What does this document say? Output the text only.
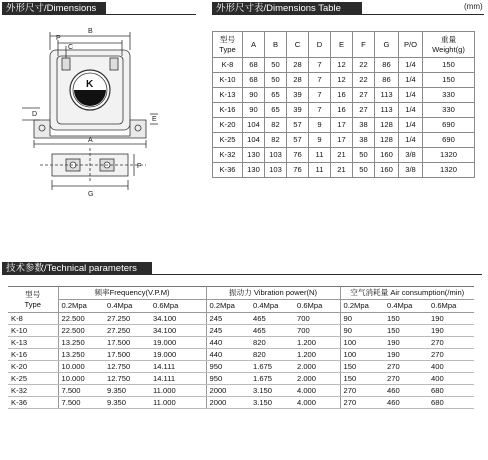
外形尺寸/Dimensions	外形尺寸表/Dimensions Table	(mm)
P
C
B
D
E
A
F
G
K
型号
Type	A	B	C	D	E	F	G	P/O	重量
Weight(g)
K-8	68	50	28	7	12	22	86	1/4	150
K-10	68	50	28	7	12	22	86	1/4	150
K-13	90	65	39	7	16	27	113	1/4	330
K-16	90	65	39	7	16	27	113	1/4	330
K-20	104	82	57	9	17	38	128	1/4	690
K-25	104	82	57	9	17	38	128	1/4	690
K-32	130	103	76	11	21	50	160	3/8	1320
K-36	130	103	76	11	21	50	160	3/8	1320
技术参数/Technical parameters
型号
Type	频率Frequency(V.P.M)			振动力 Vibration power(N)			空气消耗量 Air consumption(/min)		
	0.2Mpa	0.4Mpa	0.6Mpa	0.2Mpa	0.4Mpa	0.6Mpa	0.2Mpa	0.4Mpa	0.6Mpa
K-8	22.500	27.250	34.100	245	465	700	90	150	190
K-10	22.500	27.250	34.100	245	465	700	90	150	190
K-13	13.250	17.500	19.000	440	820	1.200	100	190	270
K-16	13.250	17.500	19.000	440	820	1.200	100	190	270
K-20	10.000	12.750	14.111	950	1.675	2.000	150	270	400
K-25	10.000	12.750	14.111	950	1.675	2.000	150	270	400
K-32	7.500	9.350	11.000	2000	3.150	4.000	270	460	680
K-36	7.500	9.350	11.000	2000	3.150	4.000	270	460	680
